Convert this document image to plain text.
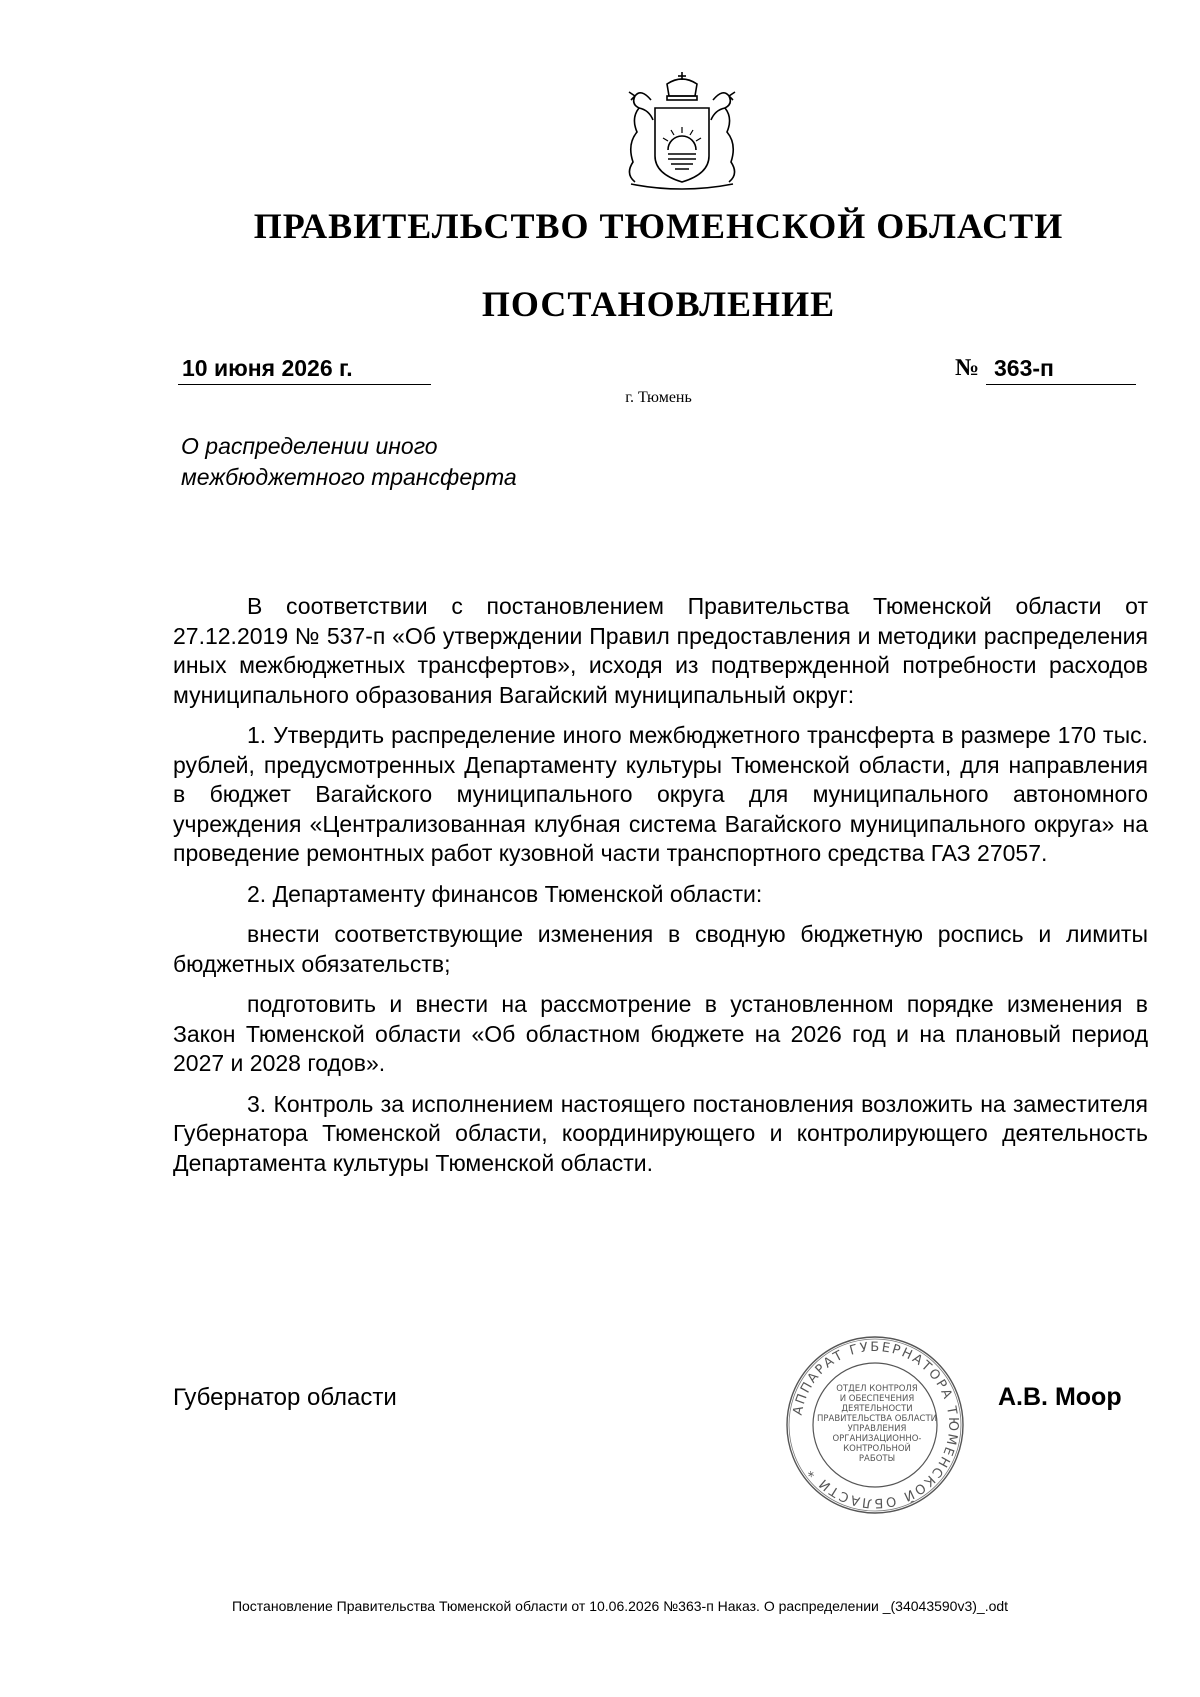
ПРАВИТЕЛЬСТВО ТЮМЕНСКОЙ ОБЛАСТИ
ПОСТАНОВЛЕНИЕ
10 июня 2026 г.	№ 363-п
г. Тюмень
О распределении иного
межбюджетного трансферта

В соответствии с постановлением Правительства Тюменской области от 27.12.2019 № 537-п «Об утверждении Правил предоставления и методики распределения иных межбюджетных трансфертов», исходя из подтвержденной потребности расходов муниципального образования Вагайский муниципальный округ:

1. Утвердить распределение иного межбюджетного трансферта в размере 170 тыс. рублей, предусмотренных Департаменту культуры Тюменской области, для направления в бюджет Вагайского муниципального округа для муниципального автономного учреждения «Централизованная клубная система Вагайского муниципального округа» на проведение ремонтных работ кузовной части транспортного средства ГАЗ 27057.

2. Департаменту финансов Тюменской области:

внести соответствующие изменения в сводную бюджетную роспись и лимиты бюджетных обязательств;

подготовить и внести на рассмотрение в установленном порядке изменения в Закон Тюменской области «Об областном бюджете на 2026 год и на плановый период 2027 и 2028 годов».

3. Контроль за исполнением настоящего постановления возложить на заместителя Губернатора Тюменской области, координирующего и контролирующего деятельность Департамента культуры Тюменской области.

Губернатор области	АППАРАТ ГУБЕРНАТОРА ТЮМЕНСКОЙ ОБЛАСТИ *
ОТДЕЛ КОНТРОЛЯ
И ОБЕСПЕЧЕНИЯ
ДЕЯТЕЛЬНОСТИ
ПРАВИТЕЛЬСТВА ОБЛАСТИ
УПРАВЛЕНИЯ
ОРГАНИЗАЦИОННО-
КОНТРОЛЬНОЙ
РАБОТЫ
А.В. Моор
Постановление Правительства Тюменской области от 10.06.2026 №363-п Наказ. О распределении _(34043590v3)_.odt
